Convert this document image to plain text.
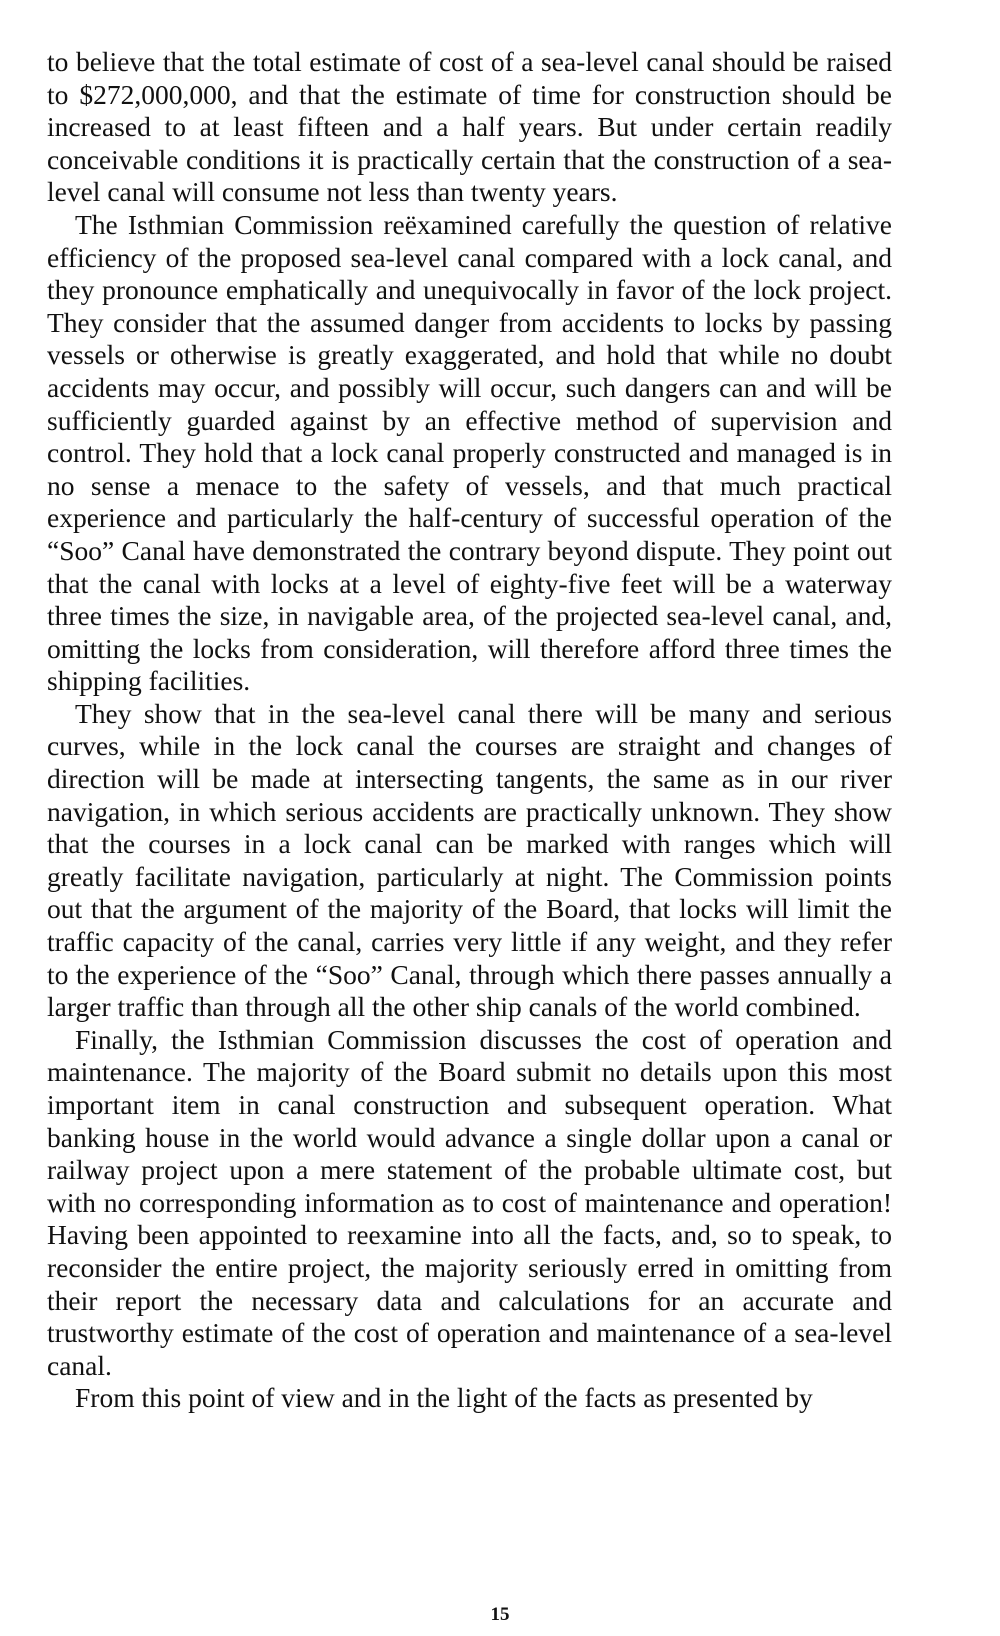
to believe that the total estimate of cost of a sea-level canal should be raised to $272,000,000, and that the estimate of time for construction should be increased to at least fifteen and a half years. But under certain readily conceivable conditions it is practically certain that the construction of a sea-level canal will consume not less than twenty years.

The Isthmian Commission reëxamined carefully the question of relative efficiency of the proposed sea-level canal compared with a lock canal, and they pronounce emphatically and unequivocally in favor of the lock project. They consider that the assumed danger from accidents to locks by passing vessels or otherwise is greatly exaggerated, and hold that while no doubt accidents may occur, and possibly will occur, such dangers can and will be sufficiently guarded against by an effective method of supervision and control. They hold that a lock canal properly constructed and managed is in no sense a menace to the safety of vessels, and that much practical experience and particularly the half-century of successful operation of the “Soo” Canal have demonstrated the contrary beyond dispute. They point out that the canal with locks at a level of eighty-five feet will be a waterway three times the size, in navigable area, of the projected sea-level canal, and, omitting the locks from consideration, will therefore afford three times the shipping facilities.

They show that in the sea-level canal there will be many and serious curves, while in the lock canal the courses are straight and changes of direction will be made at intersecting tangents, the same as in our river navigation, in which serious accidents are practically unknown. They show that the courses in a lock canal can be marked with ranges which will greatly facilitate navigation, particularly at night. The Commission points out that the argument of the majority of the Board, that locks will limit the traffic capacity of the canal, carries very little if any weight, and they refer to the experience of the “Soo” Canal, through which there passes annually a larger traffic than through all the other ship canals of the world combined.

Finally, the Isthmian Commission discusses the cost of operation and maintenance. The majority of the Board submit no details upon this most important item in canal construction and subsequent operation. What banking house in the world would advance a single dollar upon a canal or railway project upon a mere statement of the probable ultimate cost, but with no corresponding information as to cost of maintenance and operation! Having been appointed to reexamine into all the facts, and, so to speak, to reconsider the entire project, the majority seriously erred in omitting from their report the necessary data and calculations for an accurate and trustworthy estimate of the cost of operation and maintenance of a sea-level canal.

From this point of view and in the light of the facts as presented by

15
